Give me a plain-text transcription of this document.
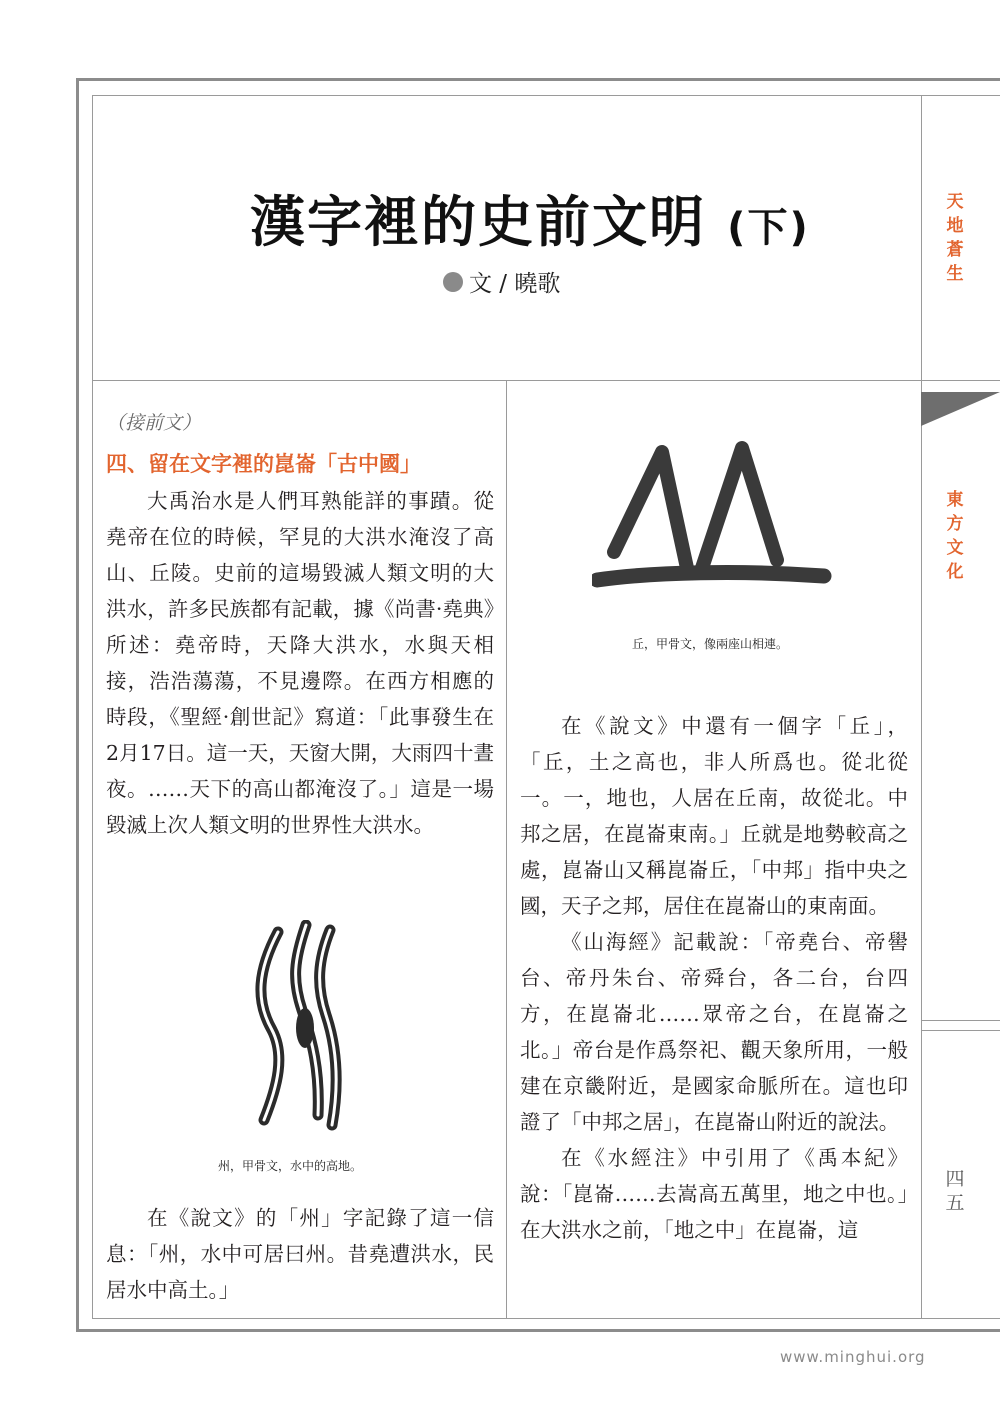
漢字裡的史前文明 (下)
文 / 曉歌
天
地
蒼
生
東
方
文
化
四
五
（接前文）
四、留在文字裡的崑崙「古中國」

大禹治水是人們耳熟能詳的事蹟。從堯帝在位的時候，罕見的大洪水淹沒了高山、丘陵。史前的這場毀滅人類文明的大洪水，許多民族都有記載，據《尚書·堯典》所述：堯帝時，天降大洪水，水與天相接，浩浩蕩蕩，不見邊際。在西方相應的時段，《聖經·創世記》寫道：「此事發生在2月17日。這一天，天窗大開，大雨四十晝夜。……天下的高山都淹沒了。」這是一場毀滅上次人類文明的世界性大洪水。

州，甲骨文，水中的高地。

在《說文》的「州」字記錄了這一信息：「州，水中可居曰州。昔堯遭洪水，民居水中高土。」

丘，甲骨文，像兩座山相連。

在《說文》中還有一個字「丘」，「丘，土之高也，非人所爲也。從北從一。一，地也，人居在丘南，故從北。中邦之居，在崑崙東南。」丘就是地勢較高之處，崑崙山又稱崑崙丘，「中邦」指中央之國，天子之邦，居住在崑崙山的東南面。

《山海經》記載說：「帝堯台、帝嚳台、帝丹朱台、帝舜台，各二台，台四方，在崑崙北……眾帝之台，在崑崙之北。」帝台是作爲祭祀、觀天象所用，一般建在京畿附近，是國家命脈所在。這也印證了「中邦之居」，在崑崙山附近的說法。

在《水經注》中引用了《禹本紀》說：「崑崙……去嵩高五萬里，地之中也。」在大洪水之前，「地之中」在崑崙，這

www.minghui.org
